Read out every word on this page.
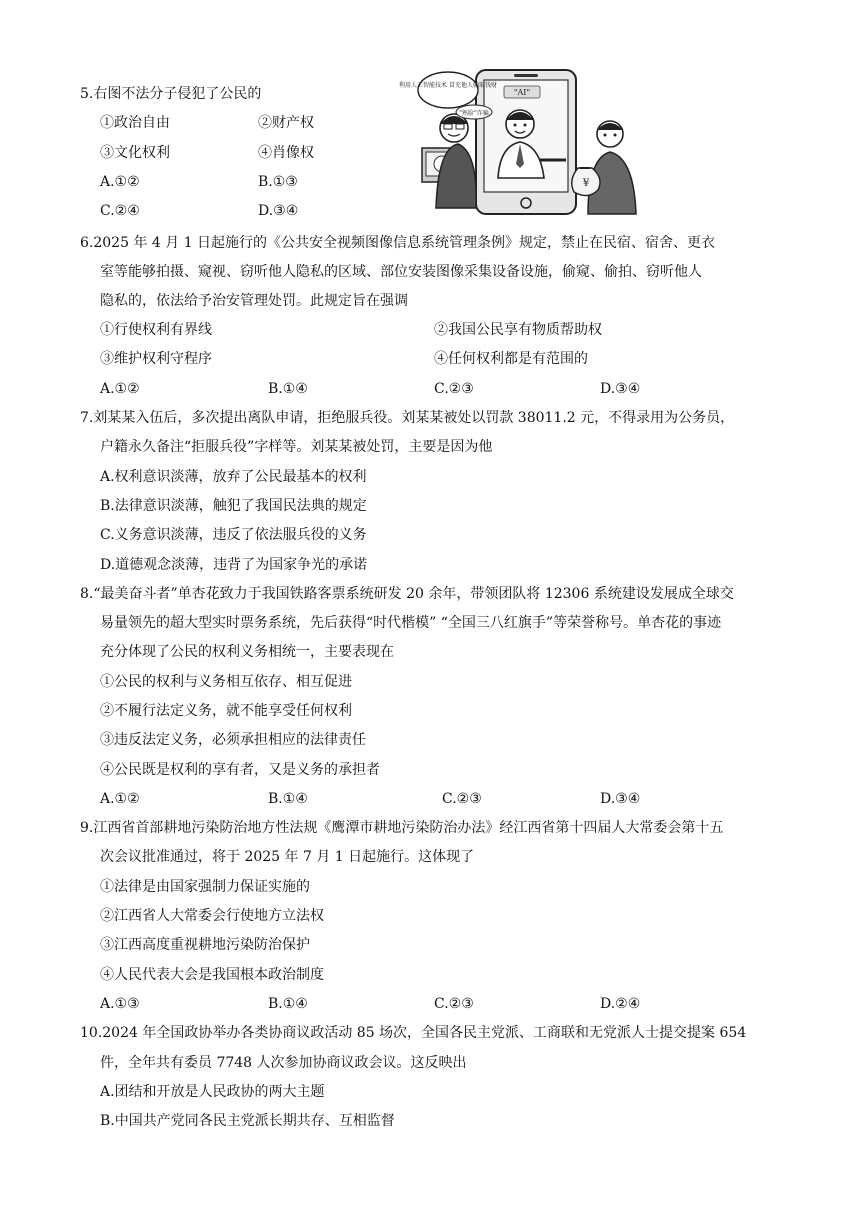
5.右图不法分子侵犯了公民的
①政治自由	②财产权
③文化权利	④肖像权
A.①②	B.①③
C.②④	D.③④
"AI"
利用人工智能技术 冒充他人骗取钱财
"熟脸"诈骗
¥
6.2025 年 4 月 1 日起施行的《公共安全视频图像信息系统管理条例》规定，禁止在民宿、宿舍、更衣
室等能够拍摄、窥视、窃听他人隐私的区域、部位安装图像采集设备设施，偷窥、偷拍、窃听他人
隐私的，依法给予治安管理处罚。此规定旨在强调
①行使权利有界线	②我国公民享有物质帮助权
③维护权利守程序	④任何权利都是有范围的
A.①②	B.①④	C.②③	D.③④
7.刘某某入伍后，多次提出离队申请，拒绝服兵役。刘某某被处以罚款 38011.2 元，不得录用为公务员，
户籍永久备注“拒服兵役”字样等。刘某某被处罚，主要是因为他
A.权利意识淡薄，放弃了公民最基本的权利
B.法律意识淡薄，触犯了我国民法典的规定
C.义务意识淡薄，违反了依法服兵役的义务
D.道德观念淡薄，违背了为国家争光的承诺
8.“最美奋斗者”单杏花致力于我国铁路客票系统研发 20 余年，带领团队将 12306 系统建设发展成全球交
易量领先的超大型实时票务系统，先后获得“时代楷模” “全国三八红旗手”等荣誉称号。单杏花的事迹
充分体现了公民的权利义务相统一，主要表现在
①公民的权利与义务相互依存、相互促进
②不履行法定义务，就不能享受任何权利
③违反法定义务，必须承担相应的法律责任
④公民既是权利的享有者，又是义务的承担者
A.①②	B.①④	C.②③	D.③④
9.江西省首部耕地污染防治地方性法规《鹰潭市耕地污染防治办法》经江西省第十四届人大常委会第十五
次会议批准通过，将于 2025 年 7 月 1 日起施行。这体现了
①法律是由国家强制力保证实施的
②江西省人大常委会行使地方立法权
③江西高度重视耕地污染防治保护
④人民代表大会是我国根本政治制度
A.①③	B.①④	C.②③	D.②④
10.2024 年全国政协举办各类协商议政活动 85 场次，全国各民主党派、工商联和无党派人士提交提案 654
件，全年共有委员 7748 人次参加协商议政会议。这反映出
A.团结和开放是人民政协的两大主题
B.中国共产党同各民主党派长期共存、互相监督
